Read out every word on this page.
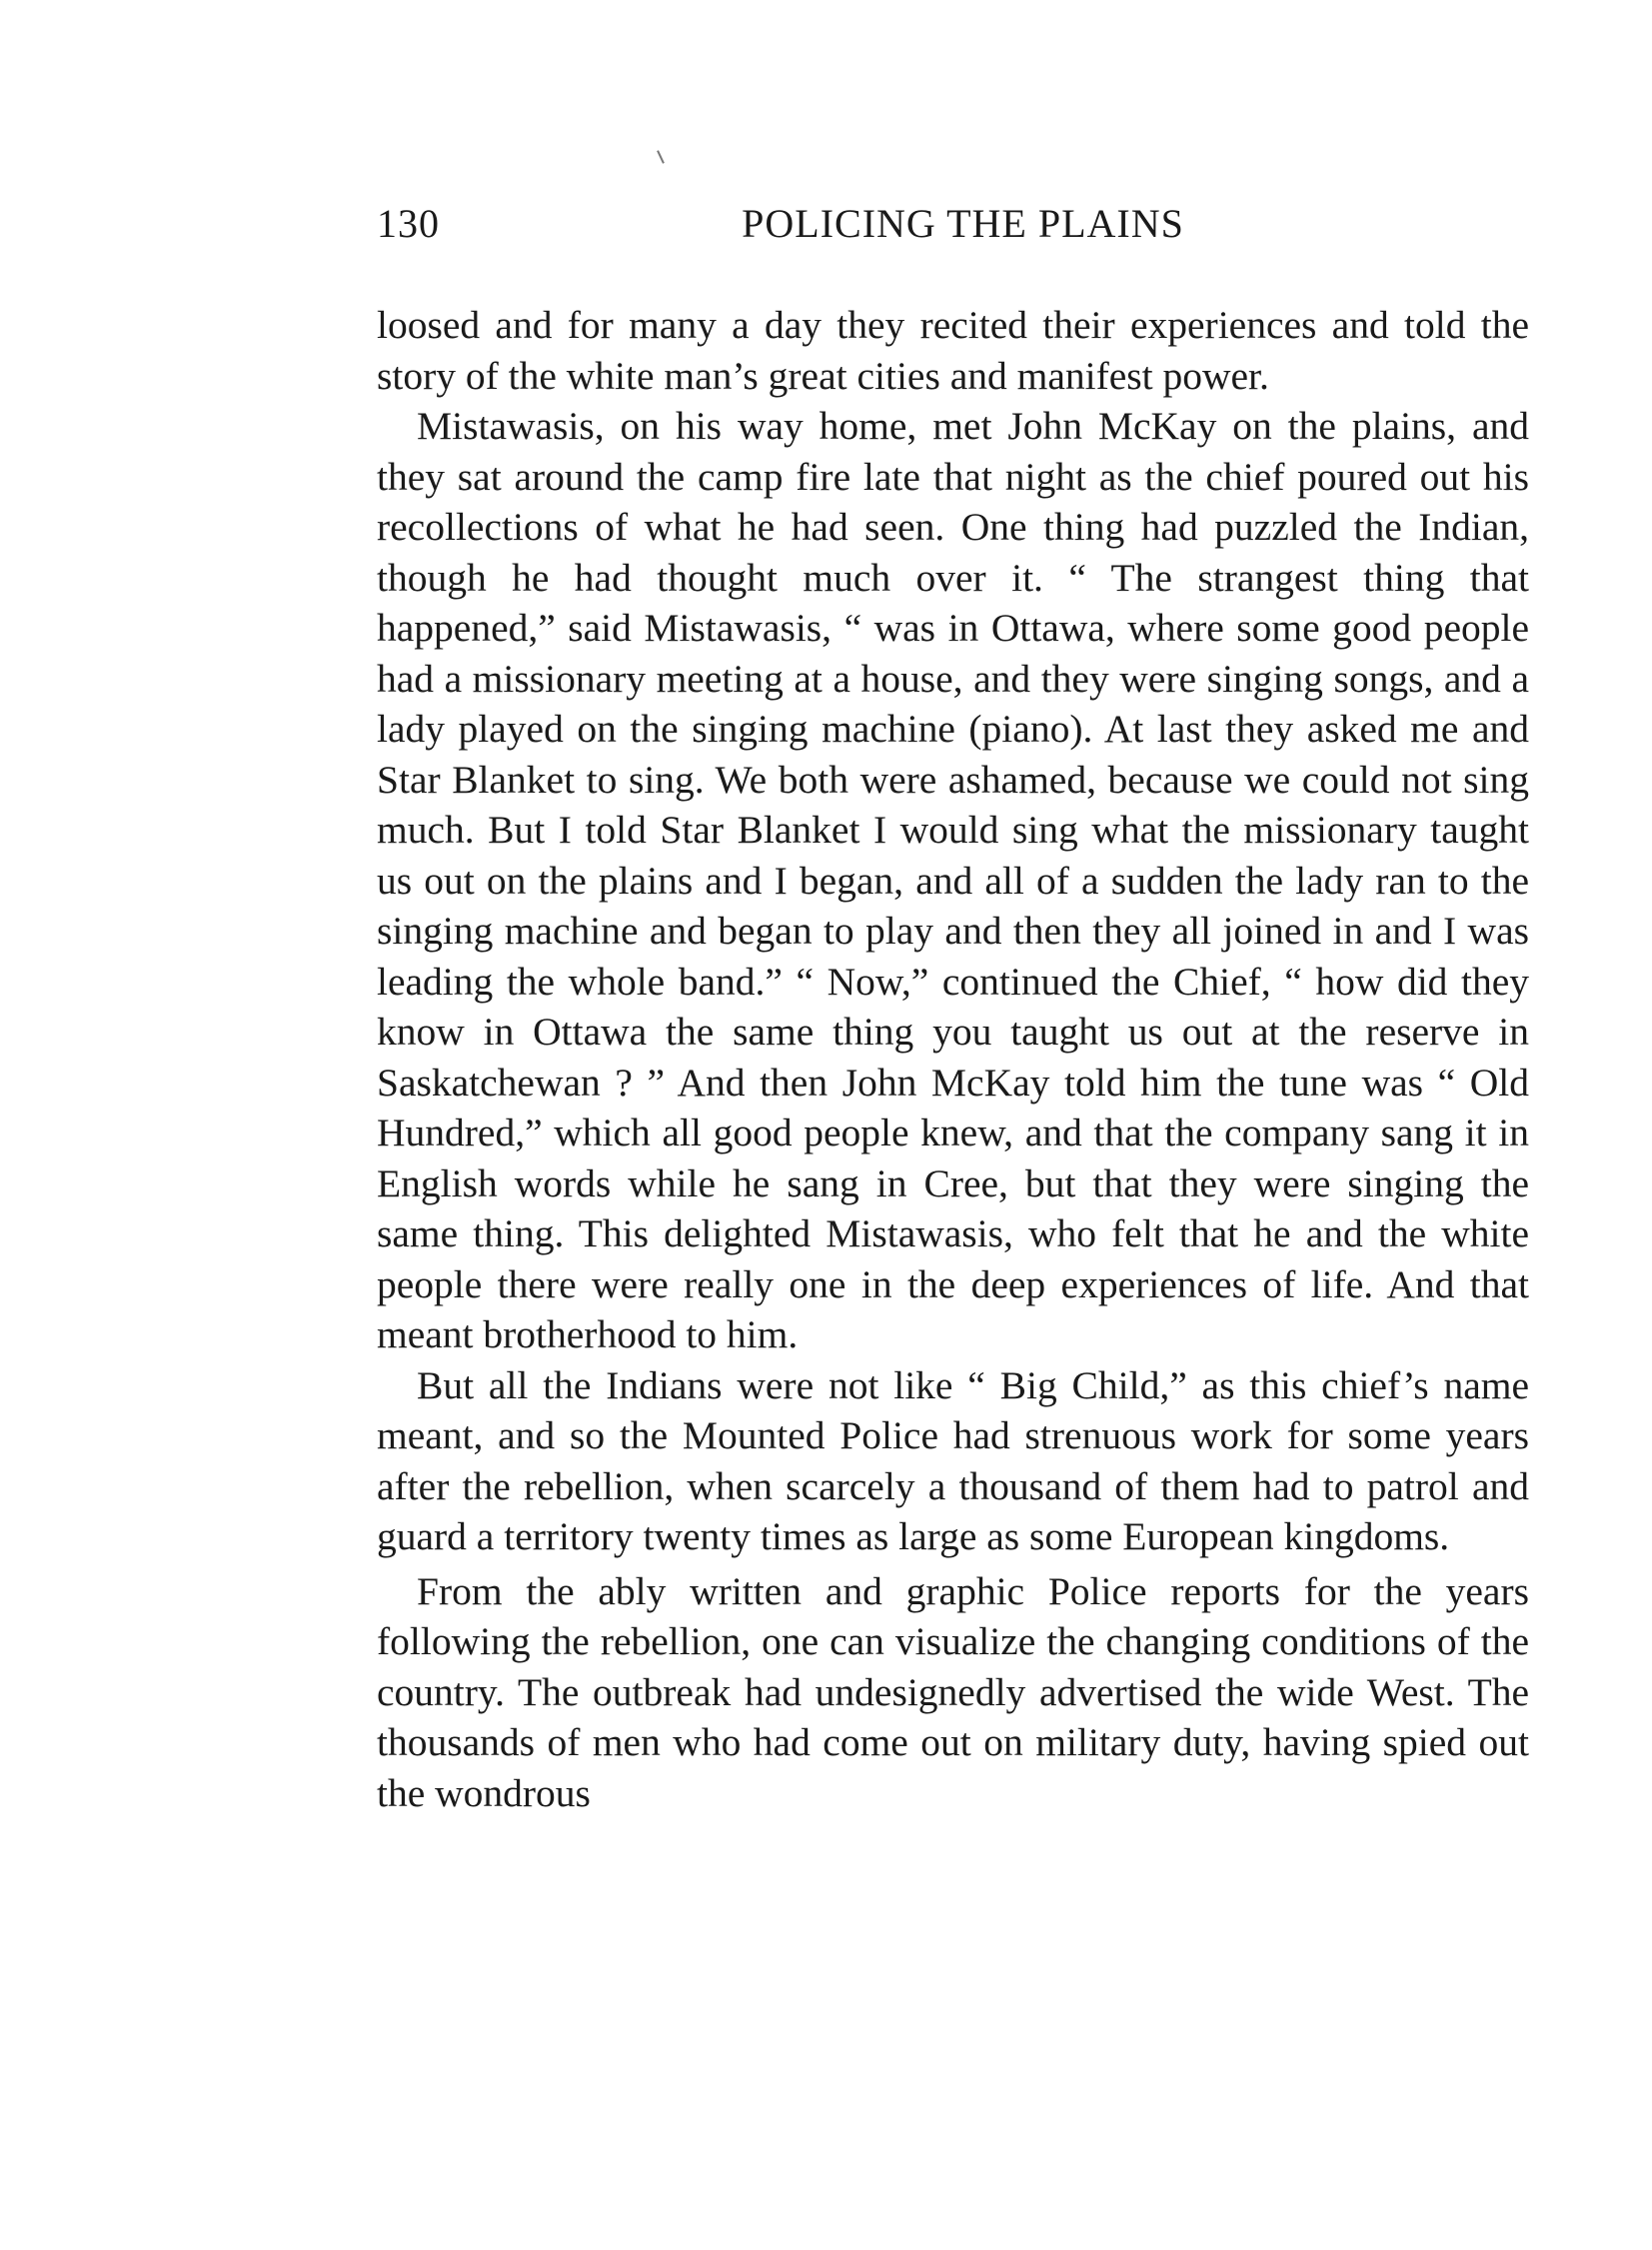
130	POLICING THE PLAINS

loosed and for many a day they recited their experiences and told the story of the white man’s great cities and manifest power.

Mistawasis, on his way home, met John McKay on the plains, and they sat around the camp fire late that night as the chief poured out his recollections of what he had seen. One thing had puzzled the Indian, though he had thought much over it. “ The strangest thing that happened,” said Mistawasis, “ was in Ottawa, where some good people had a missionary meeting at a house, and they were singing songs, and a lady played on the singing machine (piano). At last they asked me and Star Blanket to sing. We both were ashamed, because we could not sing much. But I told Star Blanket I would sing what the missionary taught us out on the plains and I began, and all of a sudden the lady ran to the singing machine and began to play and then they all joined in and I was leading the whole band.” “ Now,” continued the Chief, “ how did they know in Ottawa the same thing you taught us out at the reserve in Saskatchewan ? ” And then John McKay told him the tune was “ Old Hundred,” which all good people knew, and that the company sang it in English words while he sang in Cree, but that they were singing the same thing. This delighted Mistawasis, who felt that he and the white people there were really one in the deep experiences of life. And that meant brotherhood to him.

But all the Indians were not like “ Big Child,” as this chief’s name meant, and so the Mounted Police had strenuous work for some years after the rebellion, when scarcely a thousand of them had to patrol and guard a territory twenty times as large as some European kingdoms.

From the ably written and graphic Police reports for the years following the rebellion, one can visualize the changing conditions of the country. The outbreak had undesignedly advertised the wide West. The thousands of men who had come out on military duty, having spied out the wondrous
